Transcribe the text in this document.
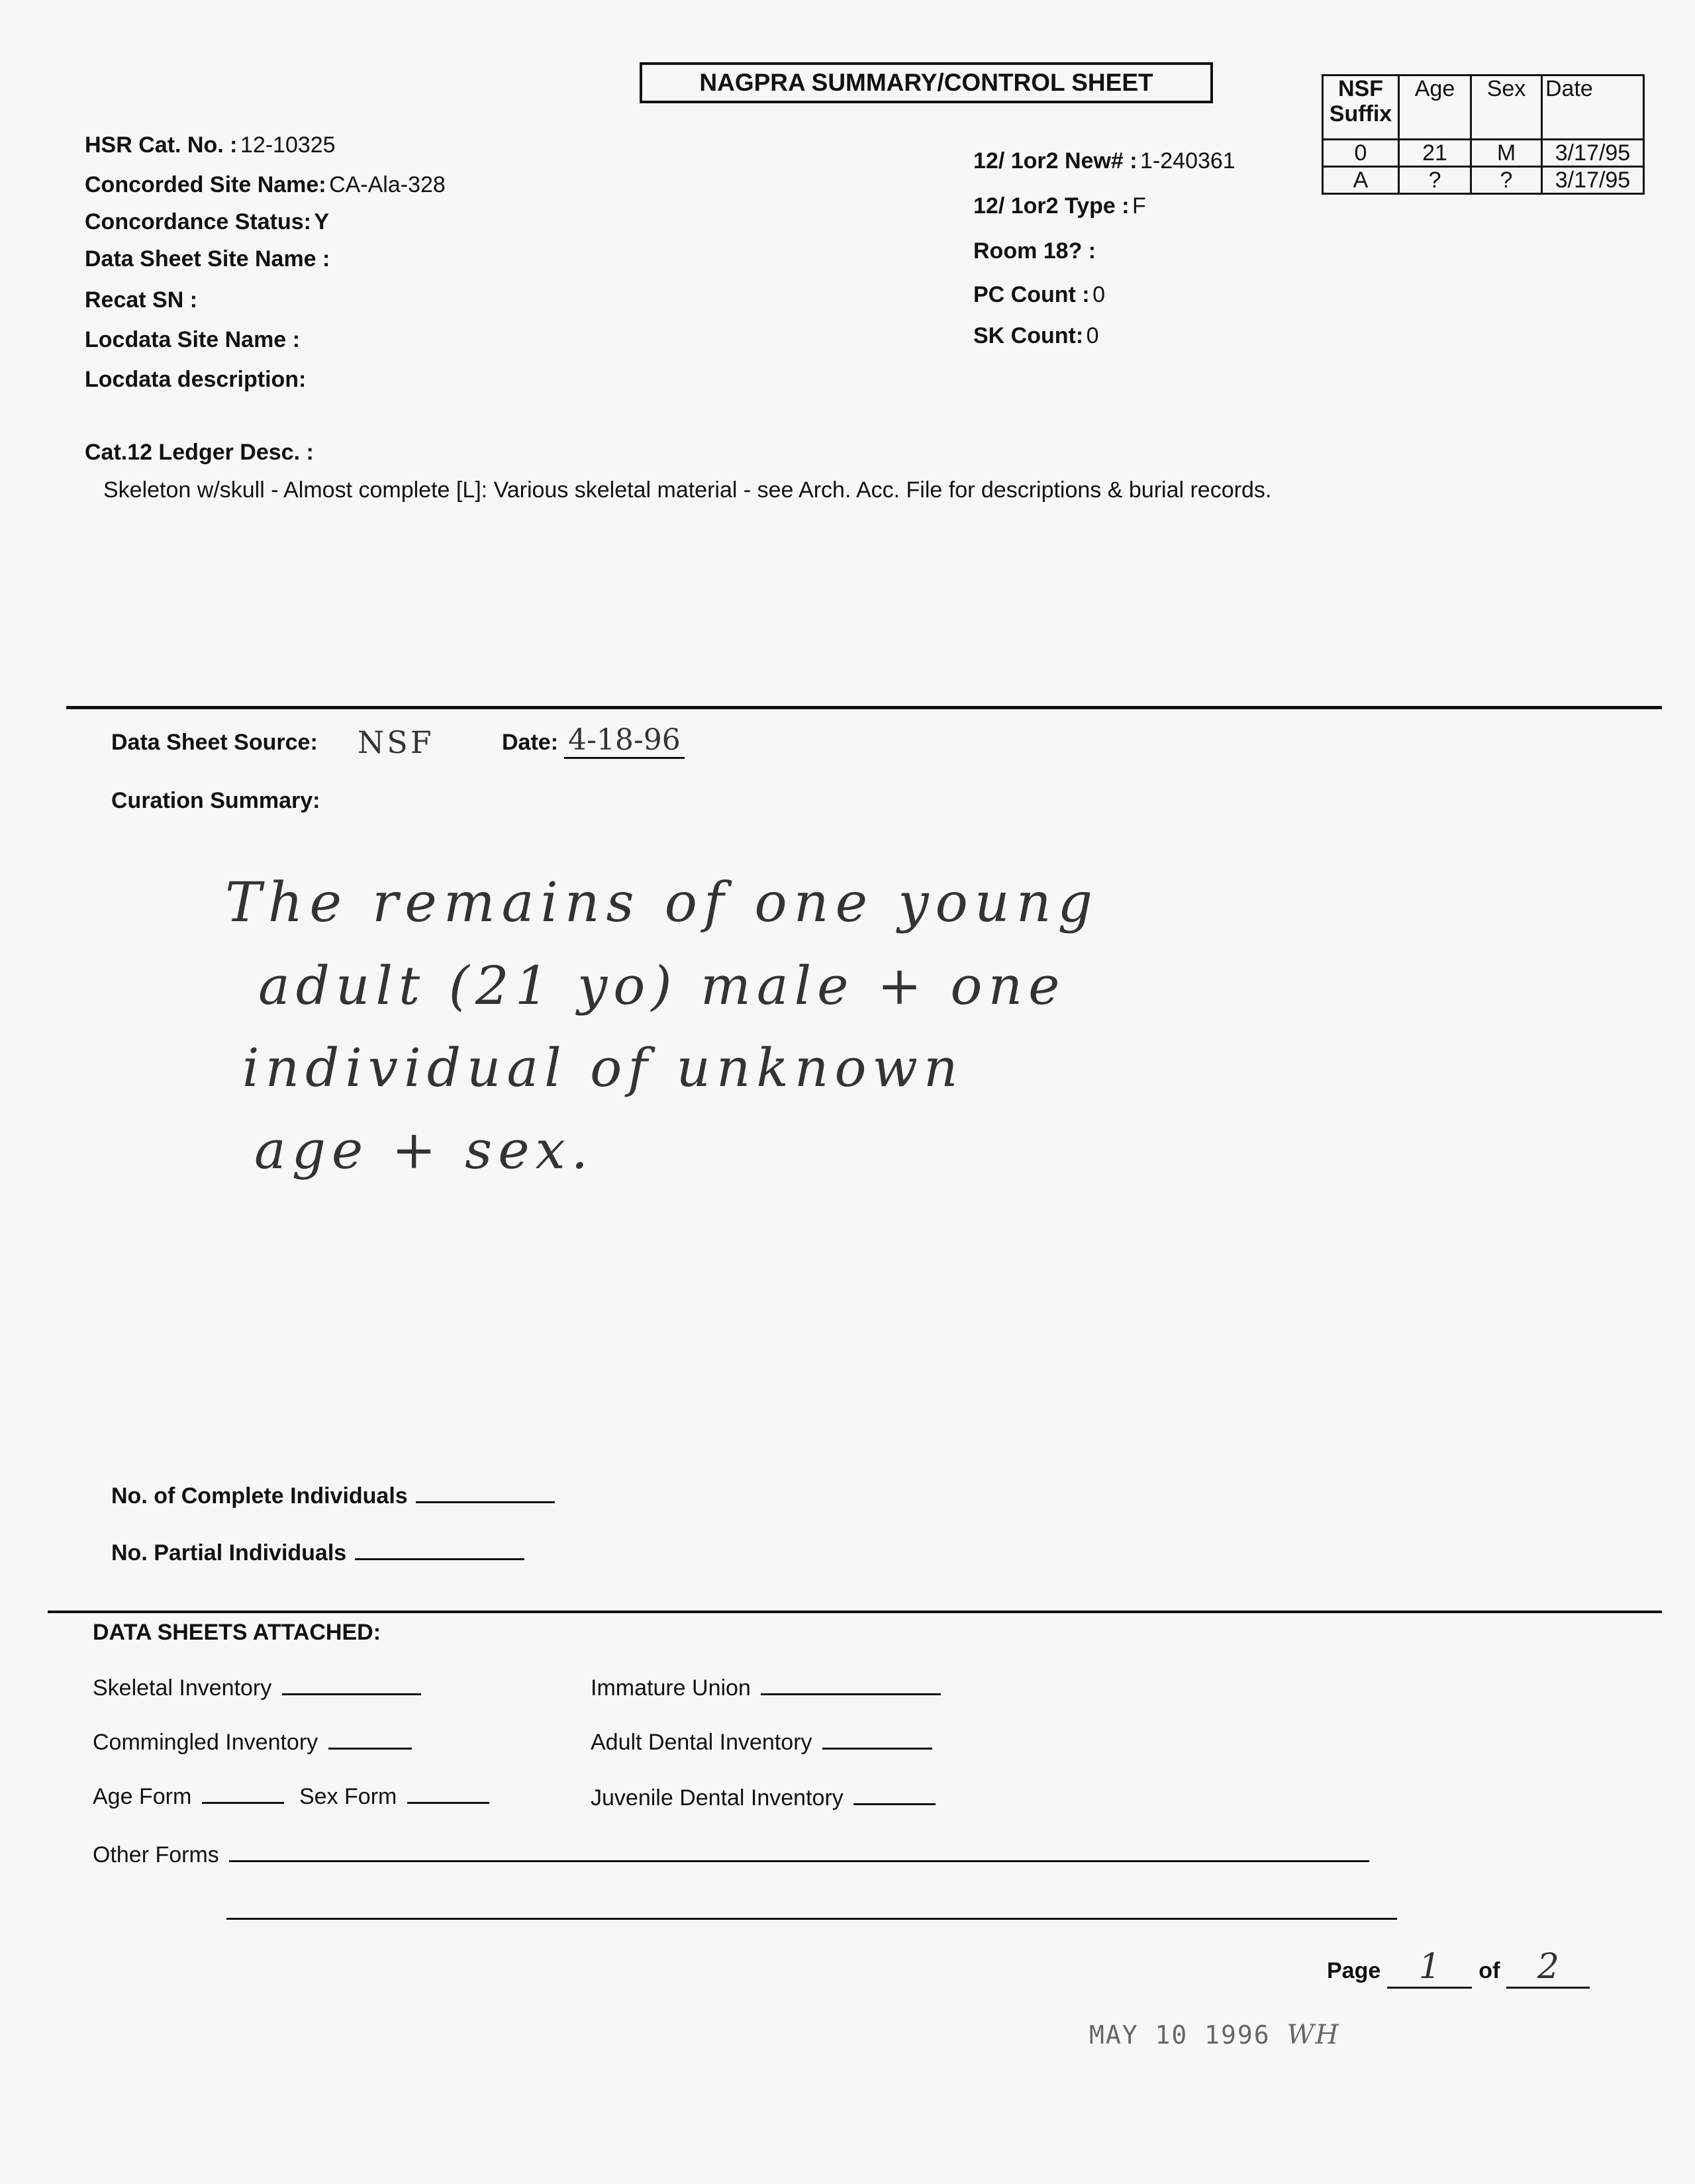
NAGPRA SUMMARY/CONTROL SHEET
HSR Cat. No. : 12-10325
Concorded Site Name: CA-Ala-328
Concordance Status: Y
Data Sheet Site Name :
Recat SN :
Locdata Site Name :
Locdata description:
12/ 1or2 New# : 1-240361
12/ 1or2 Type : F
Room 18? :
PC Count : 0
SK Count: 0
NSF Suffix	Age	Sex	Date
0	21	M	3/17/95
A	?	?	3/17/95
Cat.12 Ledger Desc. :
Skeleton w/skull - Almost complete [L]: Various skeletal material - see Arch. Acc. File for descriptions & burial records.
Data Sheet Source: NSF	Date: 4-18-96
Curation Summary:
The remains of one young
adult (21 yo) male + one
individual of unknown
age + sex.
No. of Complete Individuals
No. Partial Individuals
DATA SHEETS ATTACHED:
Skeletal Inventory
Commingled Inventory
Age Form	Sex Form
Immature Union
Adult Dental Inventory
Juvenile Dental Inventory
Other Forms
Page 1 of 2
MAY 10 1996 WH
